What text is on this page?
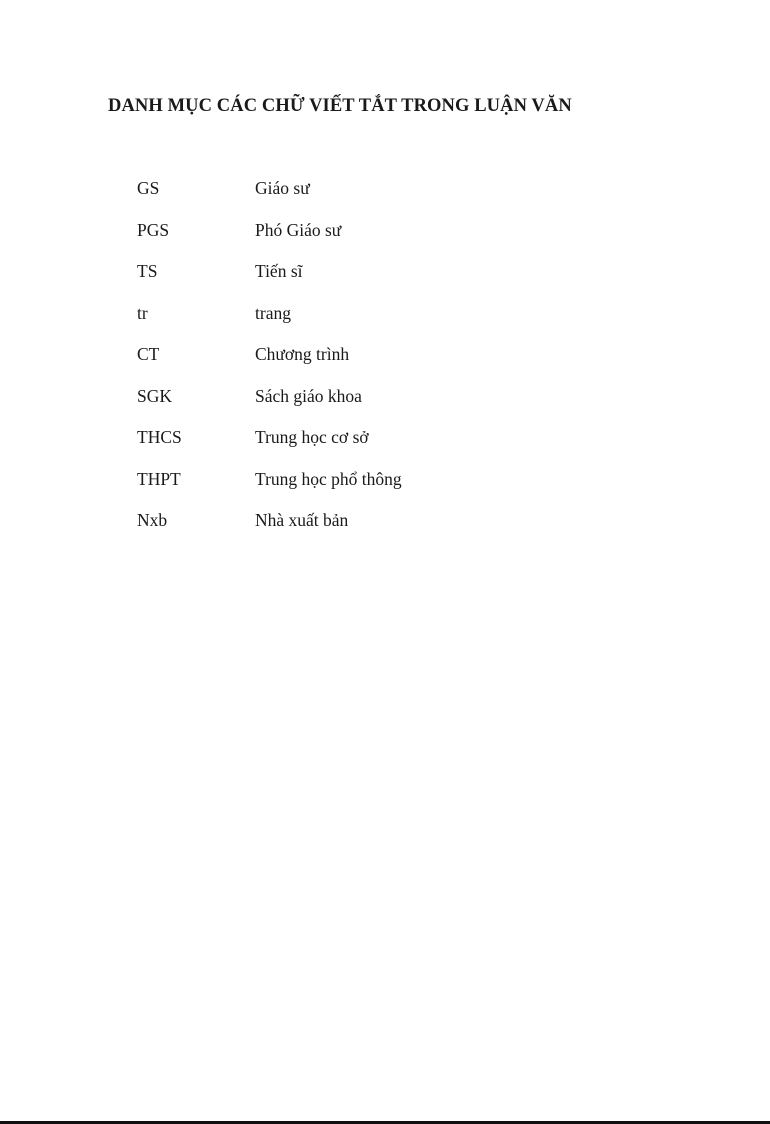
DANH MỤC CÁC CHỮ VIẾT TẮT TRONG LUẬN VĂN
GS	Giáo sư
PGS	Phó Giáo sư
TS	Tiến sĩ
tr	trang
CT	Chương trình
SGK	Sách giáo khoa
THCS	Trung học cơ sở
THPT	Trung học phổ thông
Nxb	Nhà xuất bản
